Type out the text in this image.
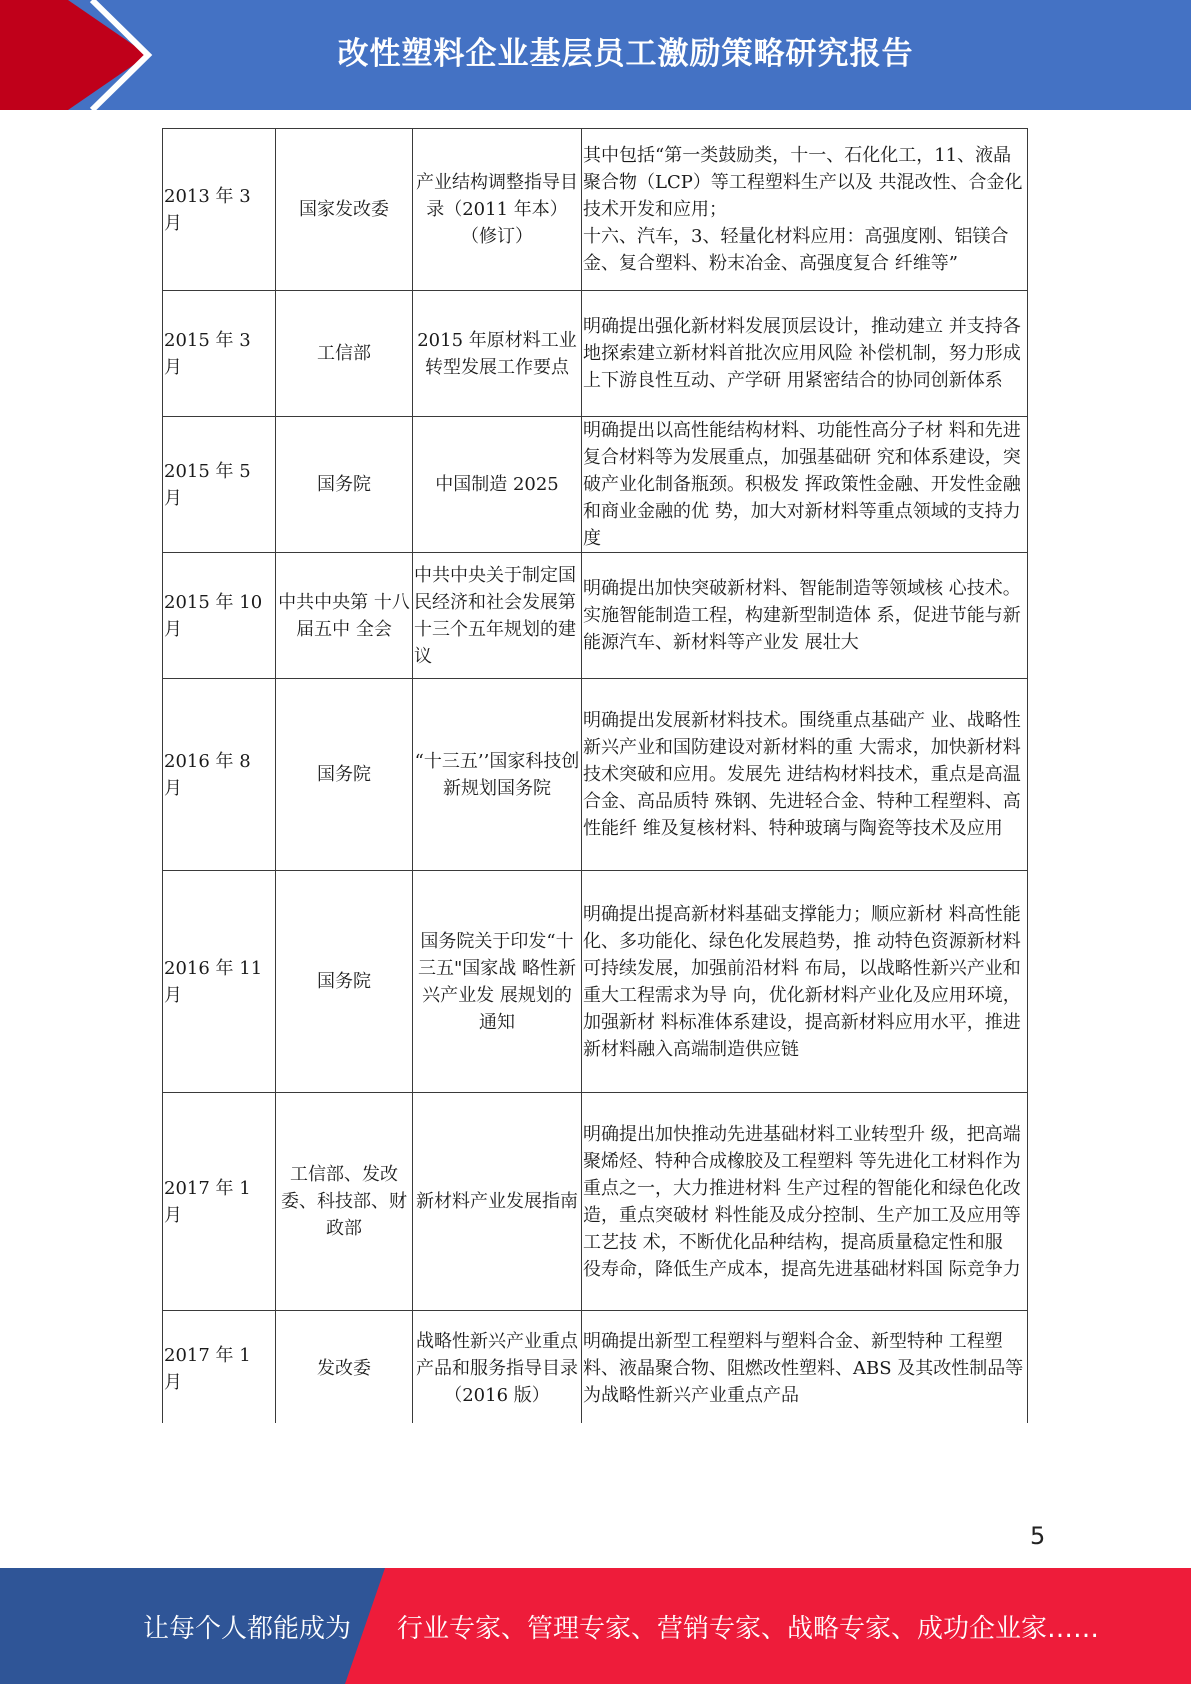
改性塑料企业基层员工激励策略研究报告
2013 年 3 月	国家发改委	产业结构调整指导目录（2011 年本）（修订）	其中包括“第一类鼓励类，十一、石化化工，11、液晶聚合物（LCP）等工程塑料生产以及 共混改性、合金化技术开发和应用；
十六、汽车，3、轻量化材料应用：高强度刚、铝镁合金、复合塑料、粉末冶金、高强度复合 纤维等”
2015 年 3 月	工信部	2015 年原材料工业转型发展工作要点	明确提出强化新材料发展顶层设计，推动建立 并支持各地探索建立新材料首批次应用风险 补偿机制，努力形成上下游良性互动、产学研 用紧密结合的协同创新体系
2015 年 5 月	国务院	中国制造 2025	明确提出以高性能结构材料、功能性高分子材 料和先进复合材料等为发展重点，加强基础研 究和体系建设，突破产业化制备瓶颈。积极发 挥政策性金融、开发性金融和商业金融的优 势，加大对新材料等重点领域的支持力度
2015 年 10 月	中共中央第 十八届五中 全会	中共中央关于制定国民经济和社会发展第十三个五年规划的建议	明确提出加快突破新材料、智能制造等领域核 心技术。实施智能制造工程，构建新型制造体 系，促进节能与新能源汽车、新材料等产业发 展壮大
2016 年 8 月	国务院	“十三五’’国家科技创新规划国务院	明确提出发展新材料技术。围绕重点基础产 业、战略性新兴产业和国防建设对新材料的重 大需求，加快新材料技术突破和应用。发展先 进结构材料技术，重点是高温合金、高品质特 殊钢、先进轻合金、特种工程塑料、高性能纤 维及复核材料、特种玻璃与陶瓷等技术及应用
2016 年 11 月	国务院	国务院关于印发“十三五"国家战 略性新兴产业发 展规划的通知	明确提出提高新材料基础支撑能力；顺应新材 料高性能化、多功能化、绿色化发展趋势，推 动特色资源新材料可持续发展，加强前沿材料 布局，以战略性新兴产业和重大工程需求为导 向，优化新材料产业化及应用环境，加强新材 料标准体系建设，提高新材料应用水平，推进 新材料融入高端制造供应链
2017 年 1 月	工信部、发改委、科技部、财政部	新材料产业发展指南	明确提出加快推动先进基础材料工业转型升 级，把高端聚烯烃、特种合成橡胶及工程塑料 等先进化工材料作为重点之一，大力推进材料 生产过程的智能化和绿色化改造，重点突破材 料性能及成分控制、生产加工及应用等工艺技 术，不断优化品种结构，提高质量稳定性和服 役寿命，降低生产成本，提高先进基础材料国 际竞争力
2017 年 1 月	发改委	战略性新兴产业重点产品和服务指导目录（2016 版）	明确提出新型工程塑料与塑料合金、新型特种 工程塑料、液晶聚合物、阻燃改性塑料、ABS 及其改性制品等为战略性新兴产业重点产品
5
让每个人都能成为 行业专家、管理专家、营销专家、战略专家、成功企业家……
